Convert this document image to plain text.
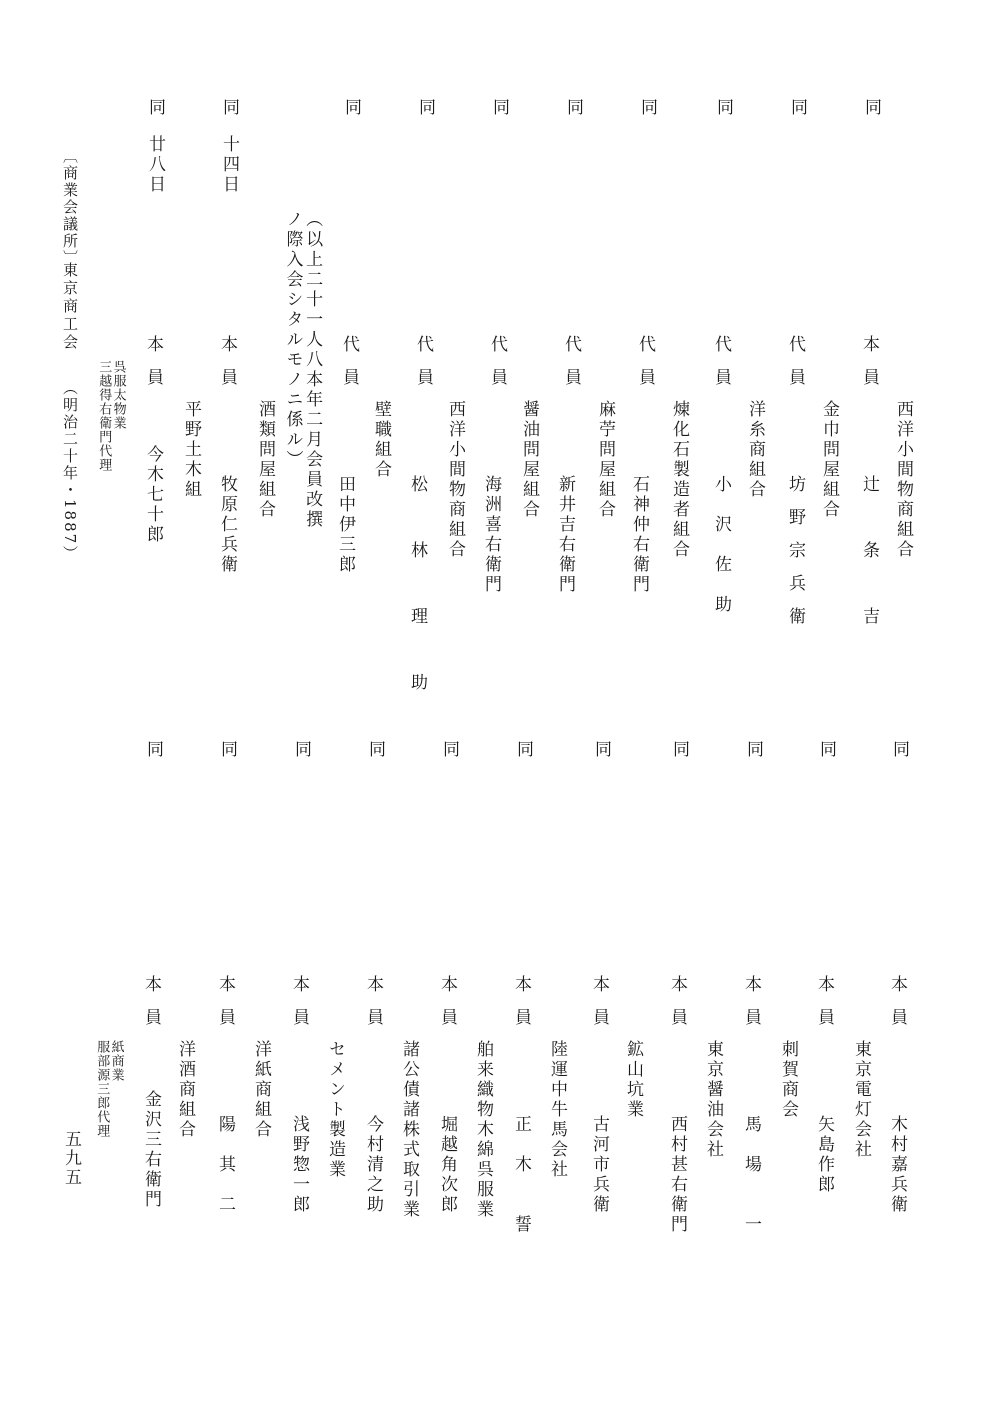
同
本員
西洋小間物商組合
辻　条　吉
同
代員
金巾問屋組合
坊野宗兵衛
同
代員
洋糸商組合
小　沢　佐　助
同
代員
煉化石製造者組合
同
代員
麻苧問屋組合
石神仲右衛門
同
代員
新井吉右衛門
同
代員
醤油問屋組合
海洲喜右衛門
同
代員
西洋小間物商組合
松　林　理　助
壁職組合
田中伊三郎
（以上二十一人八本年二月会員改撰
ノ際入会シタルモノニ係ル）
酒類問屋組合
同
十四日
本員
平野土木組
牧原仁兵衛
同
廿八日
本員
呉服太物業
三越得右衛門代理
今木七十郎
〔商業会議所〕
東京商工会
（明治二十年・1887）
同
同
同
同
同
同
同
同
同
同
同
本員
東京電灯会社
木村嘉兵衛
本員
刺賀商会
矢島作郎
本員
東京醤油会社
馬　場　　一
本員
鉱山坑業
西村甚右衛門
本員
陸運中牛馬会社 古河市兵衛
本員
舶来織物木綿呉服業 正　木　　誓
本員
諸公債諸株式取引業 堀越角次郎
本員
セメント製造業 今村清之助
本員
洋紙商組合
浅野惣一郎
本員
洋酒商組合
陽　其　二
本員
紙商業
服部源三郎代理
金沢三右衛門
五九五
